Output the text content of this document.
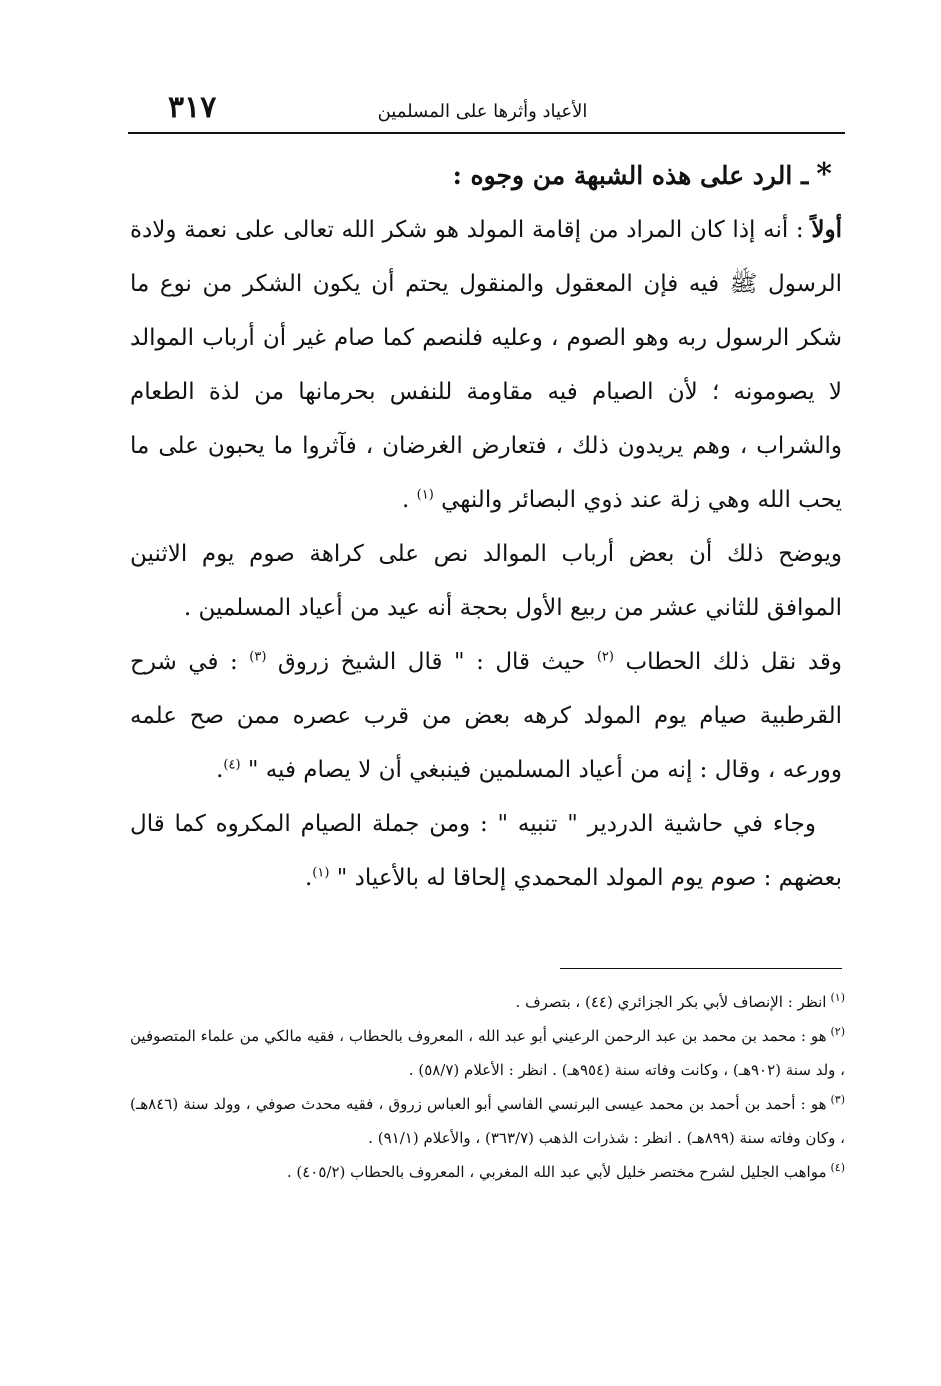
٣١٧	الأعياد وأثرها على المسلمين

*ـ الرد على هذه الشبهة من وجوه :

أولاً : أنه إذا كان المراد من إقامة المولد هو شكر الله تعالى على نعمة ولادة الرسول ﷺ فيه فإن المعقول والمنقول يحتم أن يكون الشكر من نوع ما شكر الرسول ربه وهو الصوم ، وعليه فلنصم كما صام غير أن أرباب الموالد لا يصومونه ؛ لأن الصيام فيه مقاومة للنفس بحرمانها من لذة الطعام والشراب ، وهم يريدون ذلك ، فتعارض الغرضان ، فآثروا ما يحبون على ما يحب الله وهي زلة عند ذوي البصائر والنهي $^{(١)}$ .

ويوضح ذلك أن بعض أرباب الموالد نص على كراهة صوم يوم الاثنين الموافق للثاني عشر من ربيع الأول بحجة أنه عيد من أعياد المسلمين .

وقد نقل ذلك الحطاب $^{(٢)}$ حيث قال : " قال الشيخ زروق $^{(٣)}$ : في شرح القرطبية صيام يوم المولد كرهه بعض من قرب عصره ممن صح علمه وورعه ، وقال : إنه من أعياد المسلمين فينبغي أن لا يصام فيه " $^{(٤)}$.

وجاء في حاشية الدردير " تنبيه " : ومن جملة الصيام المكروه كما قال بعضهم : صوم يوم المولد المحمدي إلحاقا له بالأعياد " $^{(١)}$.

$^{(١)}$انظر : الإنصاف لأبي بكر الجزائري (٤٤) ، بتصرف .

$^{(٢)}$هو : محمد بن محمد بن عبد الرحمن الرعيني أبو عبد الله ، المعروف بالحطاب ، فقيه مالكي من علماء المتصوفين ، ولد سنة (٩٠٢هـ) ، وكانت وفاته سنة (٩٥٤هـ) . انظر : الأعلام (٥٨/٧) .

$^{(٣)}$هو : أحمد بن أحمد بن محمد عيسى البرنسي الفاسي أبو العباس زروق ، فقيه محدث صوفي ، وولد سنة (٨٤٦هـ) ، وكان وفاته سنة (٨٩٩هـ) . انظر : شذرات الذهب (٣٦٣/٧) ، والأعلام (٩١/١) .

$^{(٤)}$مواهب الجليل لشرح مختصر خليل لأبي عبد الله المغربي ، المعروف بالحطاب (٤٠٥/٢) .
